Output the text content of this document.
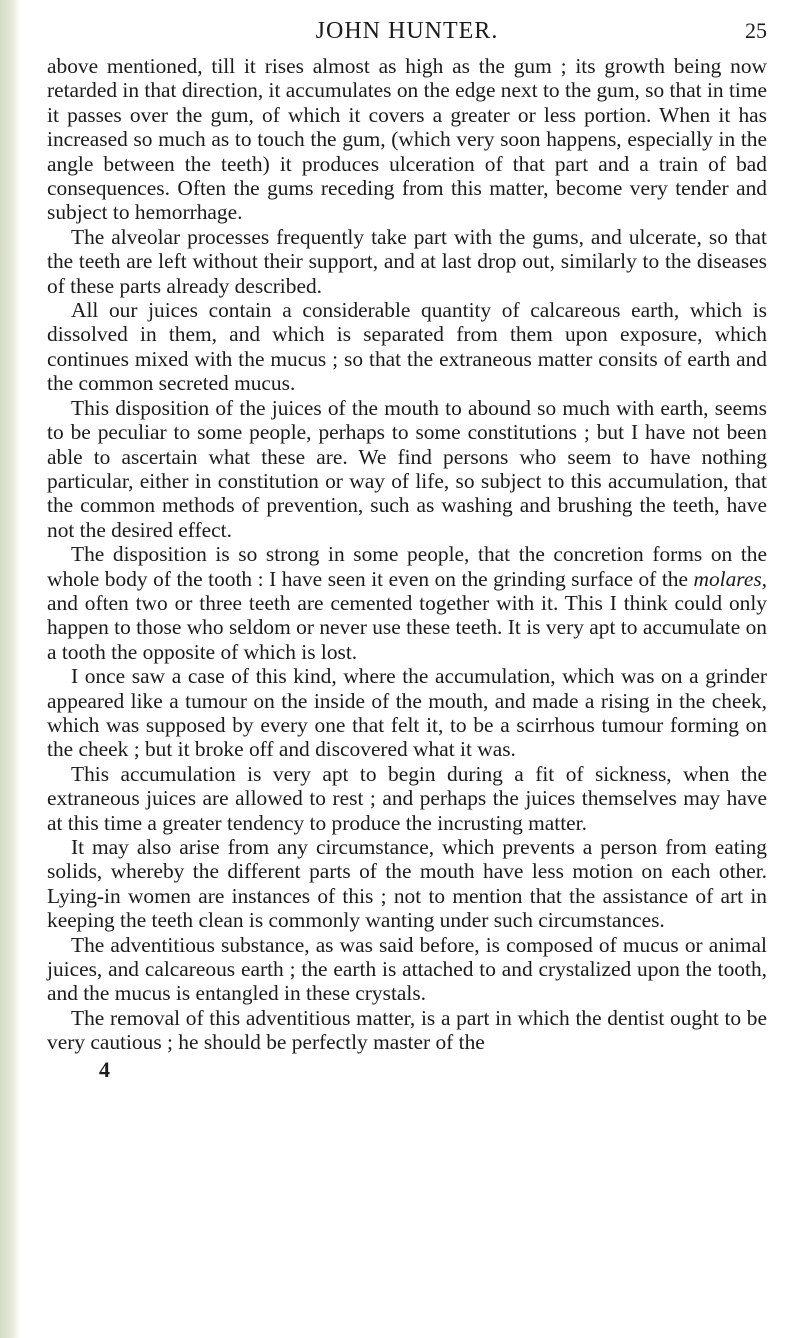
JOHN HUNTER.	25

above mentioned, till it rises almost as high as the gum ; its growth being now retarded in that direction, it accumulates on the edge next to the gum, so that in time it passes over the gum, of which it covers a greater or less portion. When it has increased so much as to touch the gum, (which very soon happens, especially in the angle between the teeth) it produces ulceration of that part and a train of bad consequences. Often the gums receding from this matter, become very tender and subject to hemorrhage.

The alveolar processes frequently take part with the gums, and ulcerate, so that the teeth are left without their support, and at last drop out, similarly to the diseases of these parts already described.

All our juices contain a considerable quantity of calcareous earth, which is dissolved in them, and which is separated from them upon exposure, which continues mixed with the mucus ; so that the extraneous matter consits of earth and the common secreted mucus.

This disposition of the juices of the mouth to abound so much with earth, seems to be peculiar to some people, perhaps to some constitutions ; but I have not been able to ascertain what these are. We find persons who seem to have nothing particular, either in constitution or way of life, so subject to this accumulation, that the common methods of prevention, such as washing and brushing the teeth, have not the desired effect.

The disposition is so strong in some people, that the concretion forms on the whole body of the tooth : I have seen it even on the grinding surface of the molares, and often two or three teeth are cemented together with it. This I think could only happen to those who seldom or never use these teeth. It is very apt to accumulate on a tooth the opposite of which is lost.

I once saw a case of this kind, where the accumulation, which was on a grinder appeared like a tumour on the inside of the mouth, and made a rising in the cheek, which was supposed by every one that felt it, to be a scirrhous tumour forming on the cheek ; but it broke off and discovered what it was.

This accumulation is very apt to begin during a fit of sickness, when the extraneous juices are allowed to rest ; and perhaps the juices themselves may have at this time a greater tendency to produce the incrusting matter.

It may also arise from any circumstance, which prevents a person from eating solids, whereby the different parts of the mouth have less motion on each other. Lying-in women are instances of this ; not to mention that the assistance of art in keeping the teeth clean is commonly wanting under such circumstances.

The adventitious substance, as was said before, is composed of mucus or animal juices, and calcareous earth ; the earth is attached to and crystalized upon the tooth, and the mucus is entangled in these crystals.

The removal of this adventitious matter, is a part in which the dentist ought to be very cautious ; he should be perfectly master of the

4
